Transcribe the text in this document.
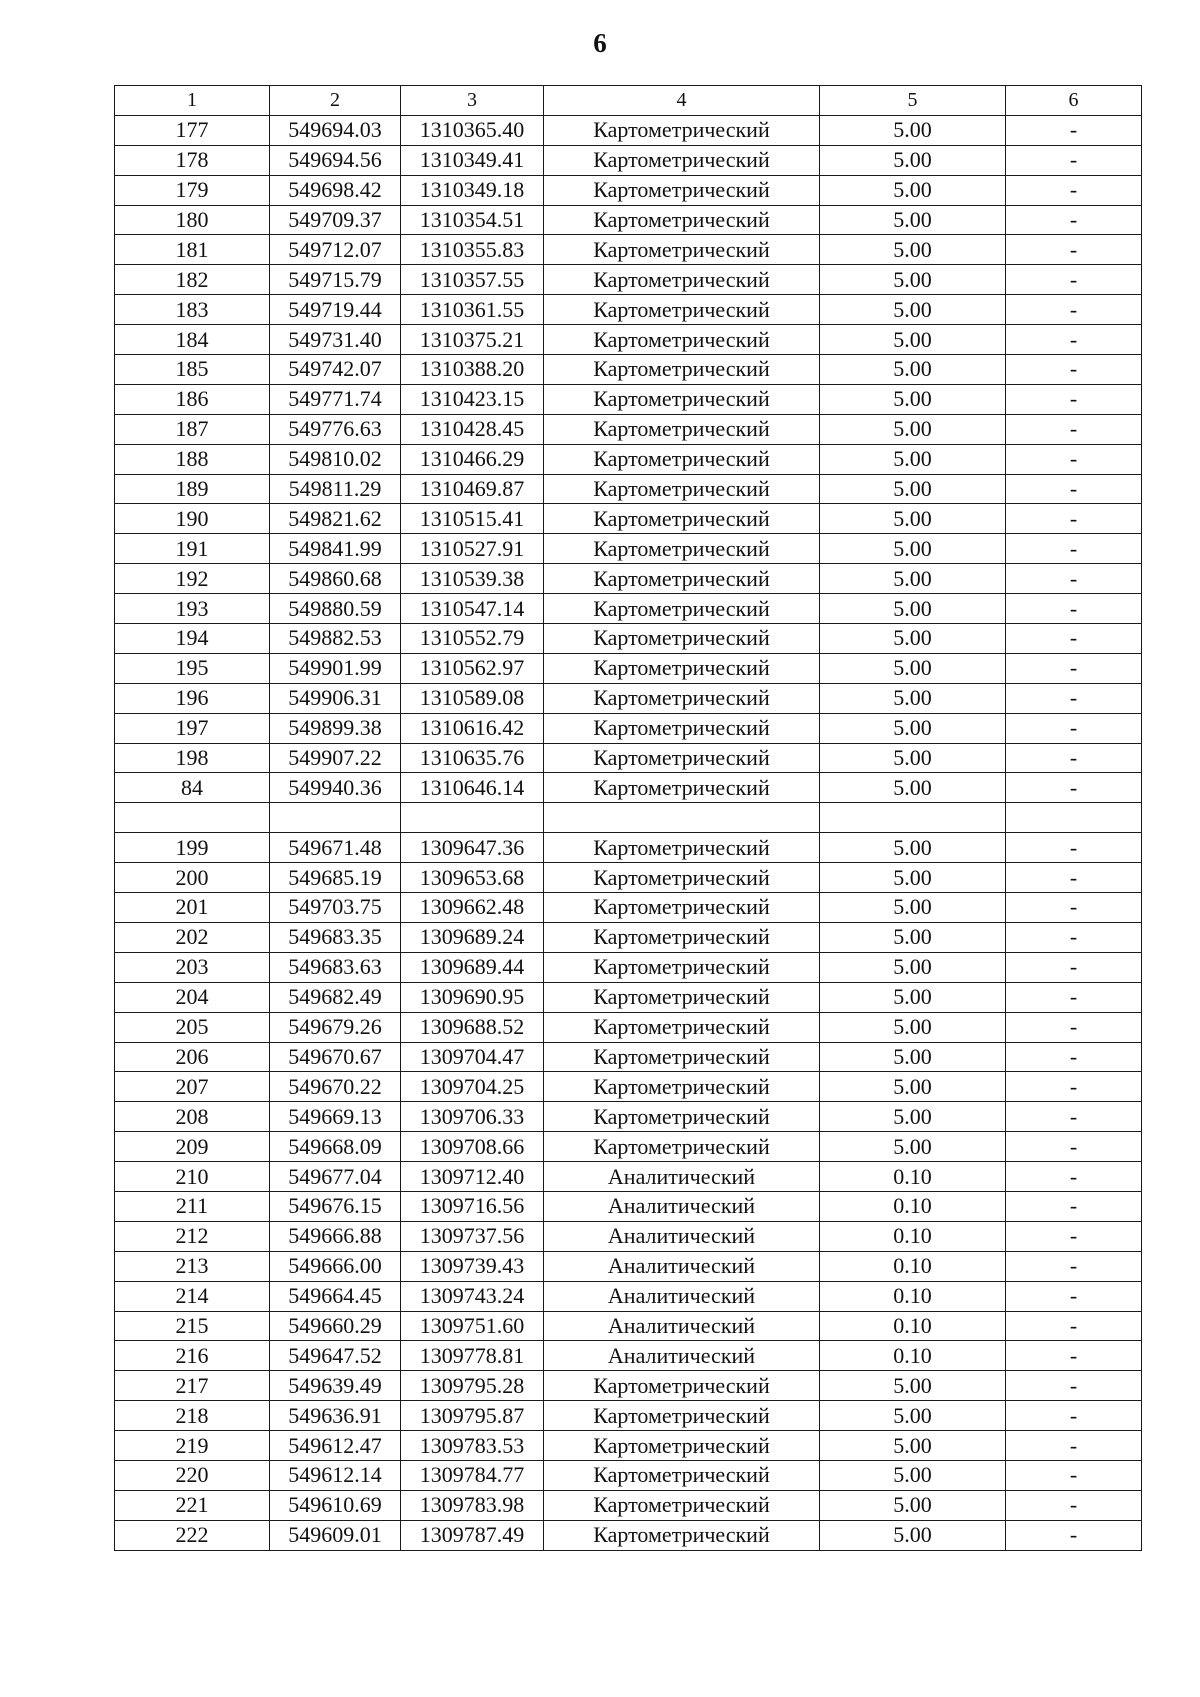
6
1	2	3	4	5	6
177	549694.03	1310365.40	Картометрический	5.00	-
178	549694.56	1310349.41	Картометрический	5.00	-
179	549698.42	1310349.18	Картометрический	5.00	-
180	549709.37	1310354.51	Картометрический	5.00	-
181	549712.07	1310355.83	Картометрический	5.00	-
182	549715.79	1310357.55	Картометрический	5.00	-
183	549719.44	1310361.55	Картометрический	5.00	-
184	549731.40	1310375.21	Картометрический	5.00	-
185	549742.07	1310388.20	Картометрический	5.00	-
186	549771.74	1310423.15	Картометрический	5.00	-
187	549776.63	1310428.45	Картометрический	5.00	-
188	549810.02	1310466.29	Картометрический	5.00	-
189	549811.29	1310469.87	Картометрический	5.00	-
190	549821.62	1310515.41	Картометрический	5.00	-
191	549841.99	1310527.91	Картометрический	5.00	-
192	549860.68	1310539.38	Картометрический	5.00	-
193	549880.59	1310547.14	Картометрический	5.00	-
194	549882.53	1310552.79	Картометрический	5.00	-
195	549901.99	1310562.97	Картометрический	5.00	-
196	549906.31	1310589.08	Картометрический	5.00	-
197	549899.38	1310616.42	Картометрический	5.00	-
198	549907.22	1310635.76	Картометрический	5.00	-
84	549940.36	1310646.14	Картометрический	5.00	-

199	549671.48	1309647.36	Картометрический	5.00	-
200	549685.19	1309653.68	Картометрический	5.00	-
201	549703.75	1309662.48	Картометрический	5.00	-
202	549683.35	1309689.24	Картометрический	5.00	-
203	549683.63	1309689.44	Картометрический	5.00	-
204	549682.49	1309690.95	Картометрический	5.00	-
205	549679.26	1309688.52	Картометрический	5.00	-
206	549670.67	1309704.47	Картометрический	5.00	-
207	549670.22	1309704.25	Картометрический	5.00	-
208	549669.13	1309706.33	Картометрический	5.00	-
209	549668.09	1309708.66	Картометрический	5.00	-
210	549677.04	1309712.40	Аналитический	0.10	-
211	549676.15	1309716.56	Аналитический	0.10	-
212	549666.88	1309737.56	Аналитический	0.10	-
213	549666.00	1309739.43	Аналитический	0.10	-
214	549664.45	1309743.24	Аналитический	0.10	-
215	549660.29	1309751.60	Аналитический	0.10	-
216	549647.52	1309778.81	Аналитический	0.10	-
217	549639.49	1309795.28	Картометрический	5.00	-
218	549636.91	1309795.87	Картометрический	5.00	-
219	549612.47	1309783.53	Картометрический	5.00	-
220	549612.14	1309784.77	Картометрический	5.00	-
221	549610.69	1309783.98	Картометрический	5.00	-
222	549609.01	1309787.49	Картометрический	5.00	-
